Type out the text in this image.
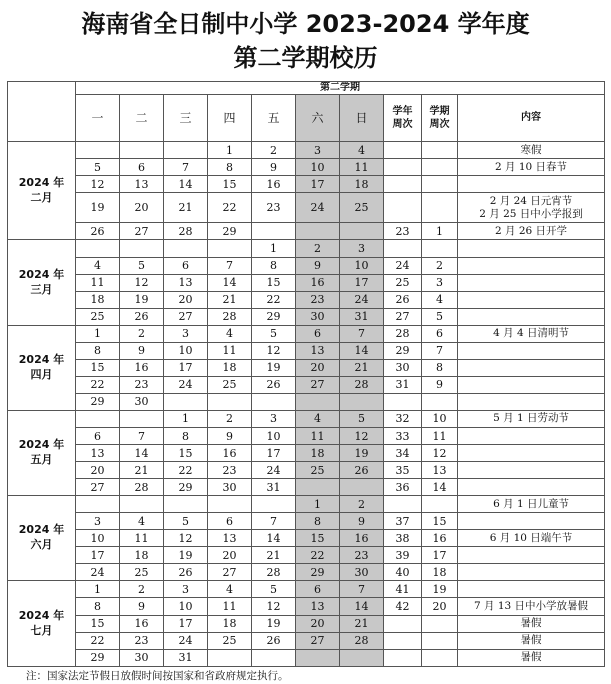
海南省全日制中小学 2023-2024 学年度
第二学期校历
	第二学期									
	一	二	三	四	五	六	日	学年
周次	学期
周次	内容
2024 年
二月				1	2	3	4			寒假
	5	6	7	8	9	10	11			2 月 10 日春节
	12	13	14	15	16	17	18			
	19	20	21	22	23	24	25			2 月 24 日元宵节
2 月 25 日中小学报到
	26	27	28	29				23	1	2 月 26 日开学
2024 年
三月					1	2	3			
	4	5	6	7	8	9	10	24	2	
	11	12	13	14	15	16	17	25	3	
	18	19	20	21	22	23	24	26	4	
	25	26	27	28	29	30	31	27	5	
2024 年
四月	1	2	3	4	5	6	7	28	6	4 月 4 日清明节
	8	9	10	11	12	13	14	29	7	
	15	16	17	18	19	20	21	30	8	
	22	23	24	25	26	27	28	31	9	
	29	30								
2024 年
五月			1	2	3	4	5	32	10	5 月 1 日劳动节
	6	7	8	9	10	11	12	33	11	
	13	14	15	16	17	18	19	34	12	
	20	21	22	23	24	25	26	35	13	
	27	28	29	30	31			36	14	
2024 年
六月						1	2			6 月 1 日儿童节
	3	4	5	6	7	8	9	37	15	
	10	11	12	13	14	15	16	38	16	6 月 10 日端午节
	17	18	19	20	21	22	23	39	17	
	24	25	26	27	28	29	30	40	18	
2024 年
七月	1	2	3	4	5	6	7	41	19	
	8	9	10	11	12	13	14	42	20	7 月 13 日中小学放暑假
	15	16	17	18	19	20	21			暑假
	22	23	24	25	26	27	28			暑假
	29	30	31							暑假
注：国家法定节假日放假时间按国家和省政府规定执行。
